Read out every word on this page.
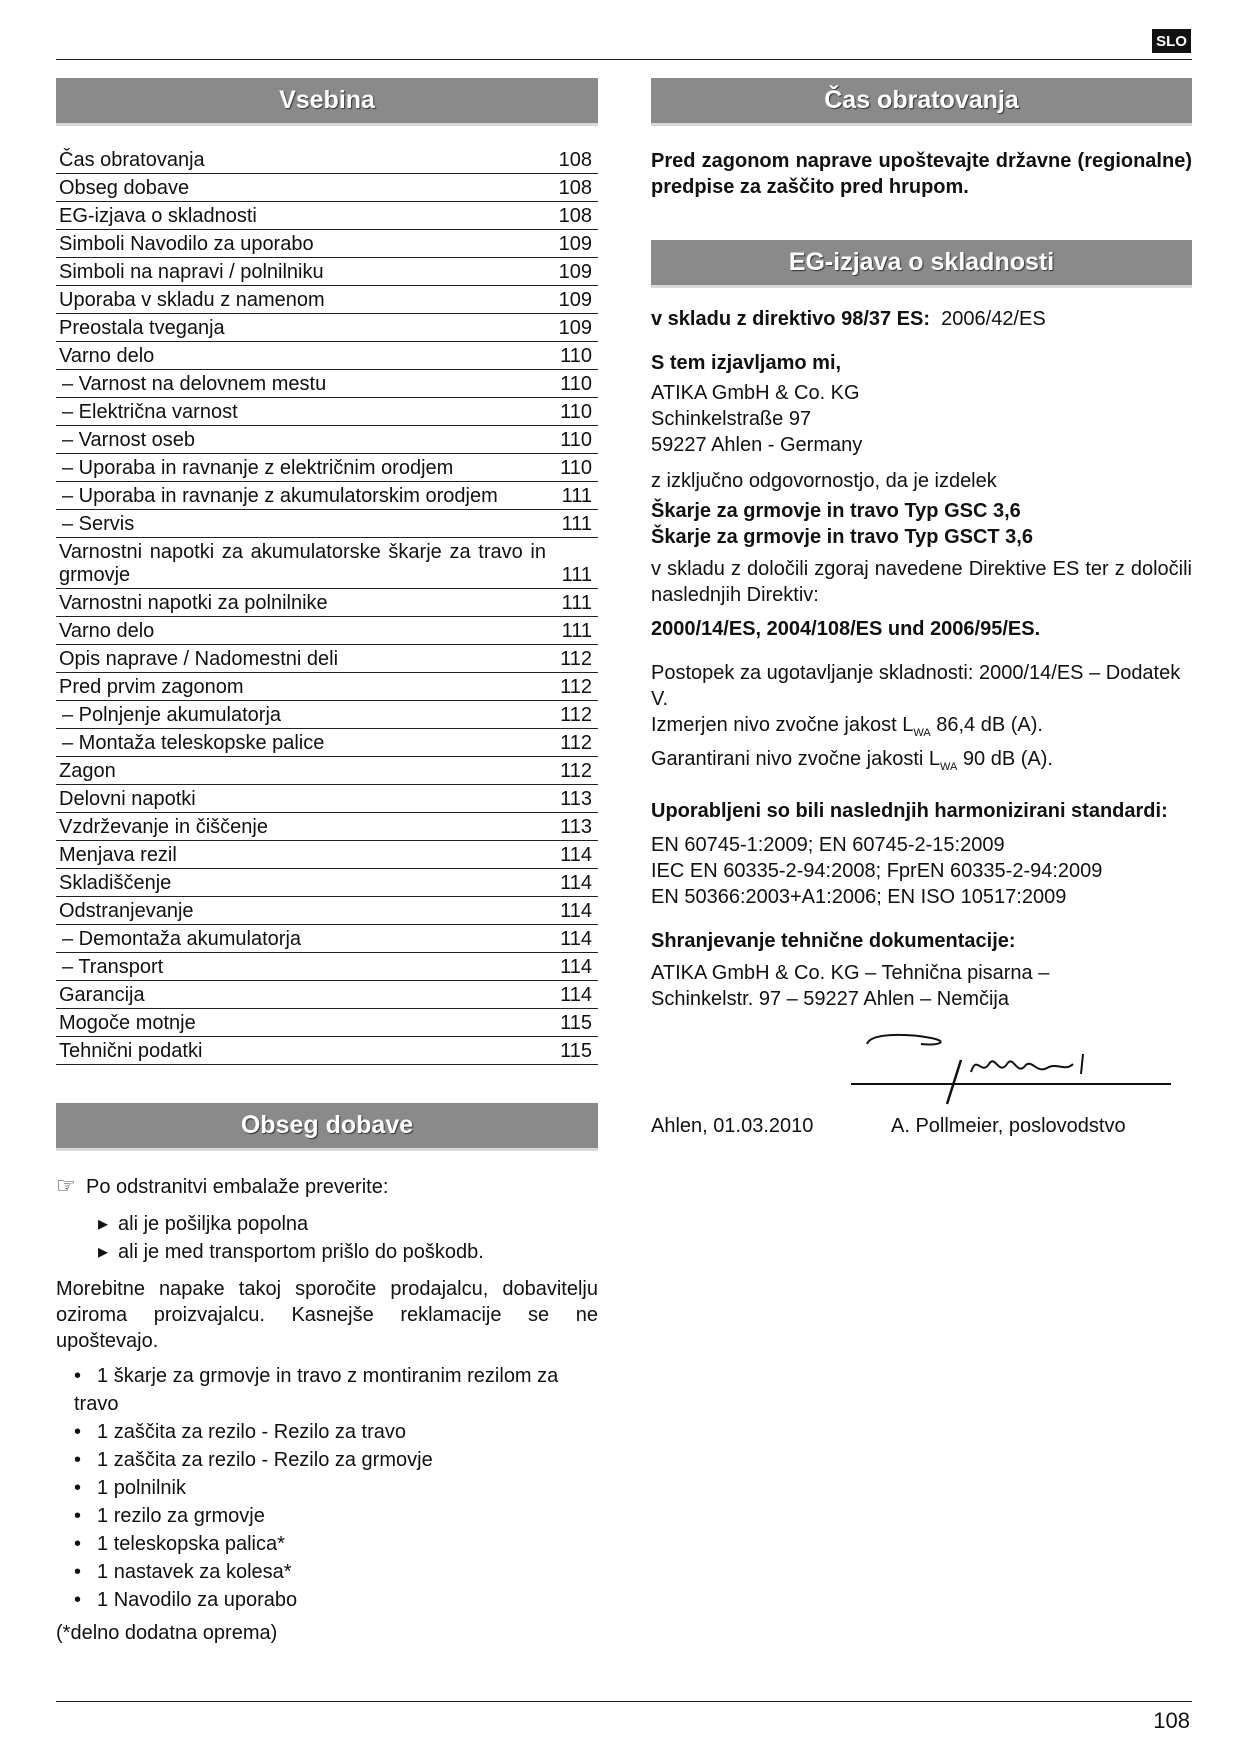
SLO
Vsebina
Čas obratovanja	108
Obseg dobave	108
EG-izjava o skladnosti	108
Simboli Navodilo za uporabo	109
Simboli na napravi / polnilniku	109
Uporaba v skladu z namenom	109
Preostala tveganja	109
Varno delo	110
– Varnost na delovnem mestu	110
– Električna varnost	110
– Varnost oseb	110
– Uporaba in ravnanje z električnim orodjem	110
– Uporaba in ravnanje z akumulatorskim orodjem	111
– Servis	111
Varnostni napotki za akumulatorske škarje za travo in grmovje	111
Varnostni napotki za polnilnike	111
Varno delo	111
Opis naprave / Nadomestni deli	112
Pred prvim zagonom	112
– Polnjenje akumulatorja	112
– Montaža teleskopske palice	112
Zagon	112
Delovni napotki	113
Vzdrževanje in čiščenje	113
Menjava rezil	114
Skladiščenje	114
Odstranjevanje	114
– Demontaža akumulatorja	114
– Transport	114
Garancija	114
Mogoče motnje	115
Tehnični podatki	115
Obseg dobave

☞ Po odstranitvi embalaže preverite:

▸ ali je pošiljka popolna
▸ ali je med transportom prišlo do poškodb.

Morebitne napake takoj sporočite prodajalcu, dobavitelju oziroma proizvajalcu. Kasnejše reklamacije se ne upoštevajo.

• 1 škarje za grmovje in travo z montiranim rezilom za travo
• 1 zaščita za rezilo - Rezilo za travo
• 1 zaščita za rezilo - Rezilo za grmovje
• 1 polnilnik
• 1 rezilo za grmovje
• 1 teleskopska palica*
• 1 nastavek za kolesa*
• 1 Navodilo za uporabo

(*delno dodatna oprema)

Čas obratovanja

Pred zagonom naprave upoštevajte državne (regionalne) predpise za zaščito pred hrupom.

EG-izjava o skladnosti

v skladu z direktivo 98/37 ES: 2006/42/ES

S tem izjavljamo mi,

ATIKA GmbH & Co. KG
Schinkelstraße 97
59227 Ahlen - Germany

z izključno odgovornostjo, da je izdelek

Škarje za grmovje in travo Typ GSC 3,6
Škarje za grmovje in travo Typ GSCT 3,6

v skladu z določili zgoraj navedene Direktive ES ter z določili naslednjih Direktiv:

2000/14/ES, 2004/108/ES und 2006/95/ES.

Postopek za ugotavljanje skladnosti: 2000/14/ES – Dodatek V.
Izmerjen nivo zvočne jakost $L_{WA}$ 86,4 dB (A).
Garantirani nivo zvočne jakosti $L_{WA}$ 90 dB (A).

Uporabljeni so bili naslednjih harmonizirani standardi:

EN 60745-1:2009; EN 60745-2-15:2009
IEC EN 60335-2-94:2008; FprEN 60335-2-94:2009
EN 50366:2003+A1:2006; EN ISO 10517:2009

Shranjevanje tehnične dokumentacije:

ATIKA GmbH & Co. KG – Tehnična pisarna –
Schinkelstr. 97 – 59227 Ahlen – Nemčija

Ahlen, 01.03.2010	A. Pollmeier, poslovodstvo
108
